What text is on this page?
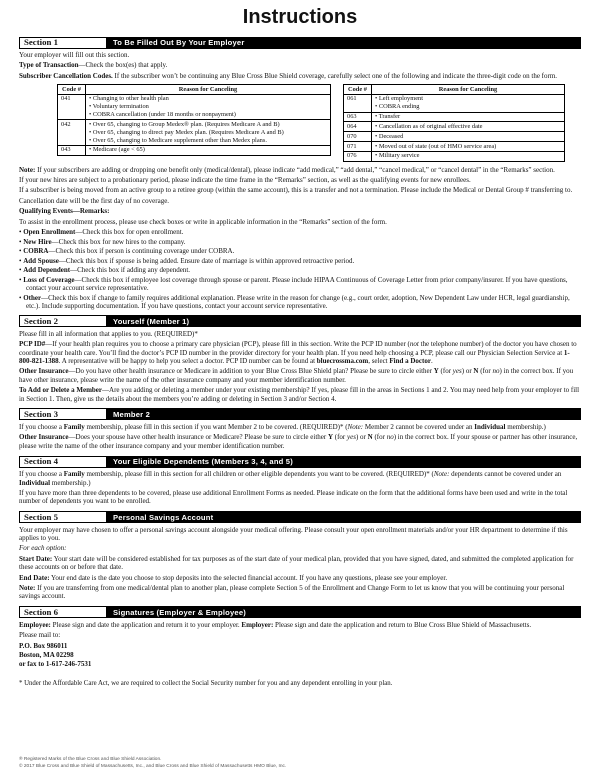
Instructions
Section 1	To Be Filled Out By Your Employer

Your employer will fill out this section.

Type of Transaction—Check the box(es) that apply.

Subscriber Cancellation Codes. If the subscriber won’t be continuing any Blue Cross Blue Shield coverage, carefully select one of the following and indicate the three-digit code on the form.

Code #	Reason for Canceling
041	• Changing to other health plan
• Voluntary termination
• COBRA cancellation (under 18 months or nonpayment)

042	• Over 65, changing to Group Medex® plan. (Requires Medicare A and B)
• Over 65, changing to direct pay Medex plan. (Requires Medicare A and B)
• Over 65, changing to Medicare supplement other than Medex plans.

043	• Medicare (age < 65)
Code #	Reason for Canceling
061	• Left employment
• COBRA ending

063	• Transfer

064	• Cancellation as of original effective date

070	• Deceased

071	• Moved out of state (out of HMO service area)

076	• Military service

Note: If your subscribers are adding or dropping one benefit only (medical/dental), please indicate “add medical,” “add dental,” “cancel medical,” or “cancel dental” in the “Remarks” section.

If your new hires are subject to a probationary period, please indicate the time frame in the “Remarks” section, as well as the qualifying events for new enrollees.

If a subscriber is being moved from an active group to a retiree group (within the same account), this is a transfer and not a termination. Please include the Medical or Dental Group # transferring to.

Cancellation date will be the first day of no coverage.

Qualifying Events—Remarks:

To assist in the enrollment process, please use check boxes or write in applicable information in the “Remarks” section of the form.

• Open Enrollment—Check this box for open enrollment.

• New Hire—Check this box for new hires to the company.

• COBRA—Check this box if person is continuing coverage under COBRA.

• Add Spouse—Check this box if spouse is being added. Ensure date of marriage is within approved retroactive period.

• Add Dependent—Check this box if adding any dependent.

• Loss of Coverage—Check this box if employee lost coverage through spouse or parent. Please include HIPAA Continuous of Coverage Letter from prior company/insurer. If you have questions, contact your account service representative.

• Other—Check this box if change to family requires additional explanation. Please write in the reason for change (e.g., court order, adoption, New Dependent Law under HCR, legal guardianship, etc.). Include supporting documentation. If you have questions, contact your account service representative.

Section 2	Yourself (Member 1)

Please fill in all information that applies to you. (REQUIRED)*

PCP ID#—If your health plan requires you to choose a primary care physician (PCP), please fill in this section. Write the PCP ID number (not the telephone number) of the doctor you have chosen to coordinate your health care. You’ll find the doctor’s PCP ID number in the provider directory for your health plan. If you need help choosing a PCP, please call our Physician Selection Service at 1-800-821-1388. A representative will be happy to help you select a doctor. PCP ID number can be found at bluecrossma.com, select Find a Doctor.

Other Insurance—Do you have other health insurance or Medicare in addition to your Blue Cross Blue Shield plan? Please be sure to circle either Y (for yes) or N (for no) in the correct box. If you have other insurance, please write the name of the other insurance company and your member identification number.

To Add or Delete a Member—Are you adding or deleting a member under your existing membership? If yes, please fill in the areas in Sections 1 and 2. You may need help from your employer to fill in Section 1. Then, give us the details about the members you’re adding or deleting in Section 3 and/or Section 4.

Section 3	Member 2

If you choose a Family membership, please fill in this section if you want Member 2 to be covered. (REQUIRED)* (Note: Member 2 cannot be covered under an Individual membership.)

Other Insurance—Does your spouse have other health insurance or Medicare? Please be sure to circle either Y (for yes) or N (for no) in the correct box. If your spouse or partner has other insurance, please write the name of the other insurance company and your member identification number.

Section 4	Your Eligible Dependents (Members 3, 4, and 5)

If you choose a Family membership, please fill in this section for all children or other eligible dependents you want to be covered. (REQUIRED)* (Note: dependents cannot be covered under an Individual membership.)

If you have more than three dependents to be covered, please use additional Enrollment Forms as needed. Please indicate on the form that the additional forms have been used and write in the total number of dependents you want to be enrolled.

Section 5	Personal Savings Account

Your employer may have chosen to offer a personal savings account alongside your medical offering. Please consult your open enrollment materials and/or your HR department to determine if this applies to you.

For each option:

Start Date: Your start date will be considered established for tax purposes as of the start date of your medical plan, provided that you have signed, dated, and submitted the completed application for these accounts on or before that date.

End Date: Your end date is the date you choose to stop deposits into the selected financial account. If you have any questions, please see your employer.

Note: If you are transferring from one medical/dental plan to another plan, please complete Section 5 of the Enrollment and Change Form to let us know that you will be continuing your personal savings account.

Section 6	Signatures (Employer & Employee)

Employee: Please sign and date the application and return it to your employer. Employer: Please sign and date the application and return to Blue Cross Blue Shield of Massachusetts.

Please mail to:

P.O. Box 986011
Boston, MA 02298
or fax to 1-617-246-7531

* Under the Affordable Care Act, we are required to collect the Social Security number for you and any dependent enrolling in your plan.

® Registered Marks of the Blue Cross and Blue Shield Association.
© 2017 Blue Cross and Blue Shield of Massachusetts, Inc., and Blue Cross and Blue Shield of Massachusetts HMO Blue, Inc.
